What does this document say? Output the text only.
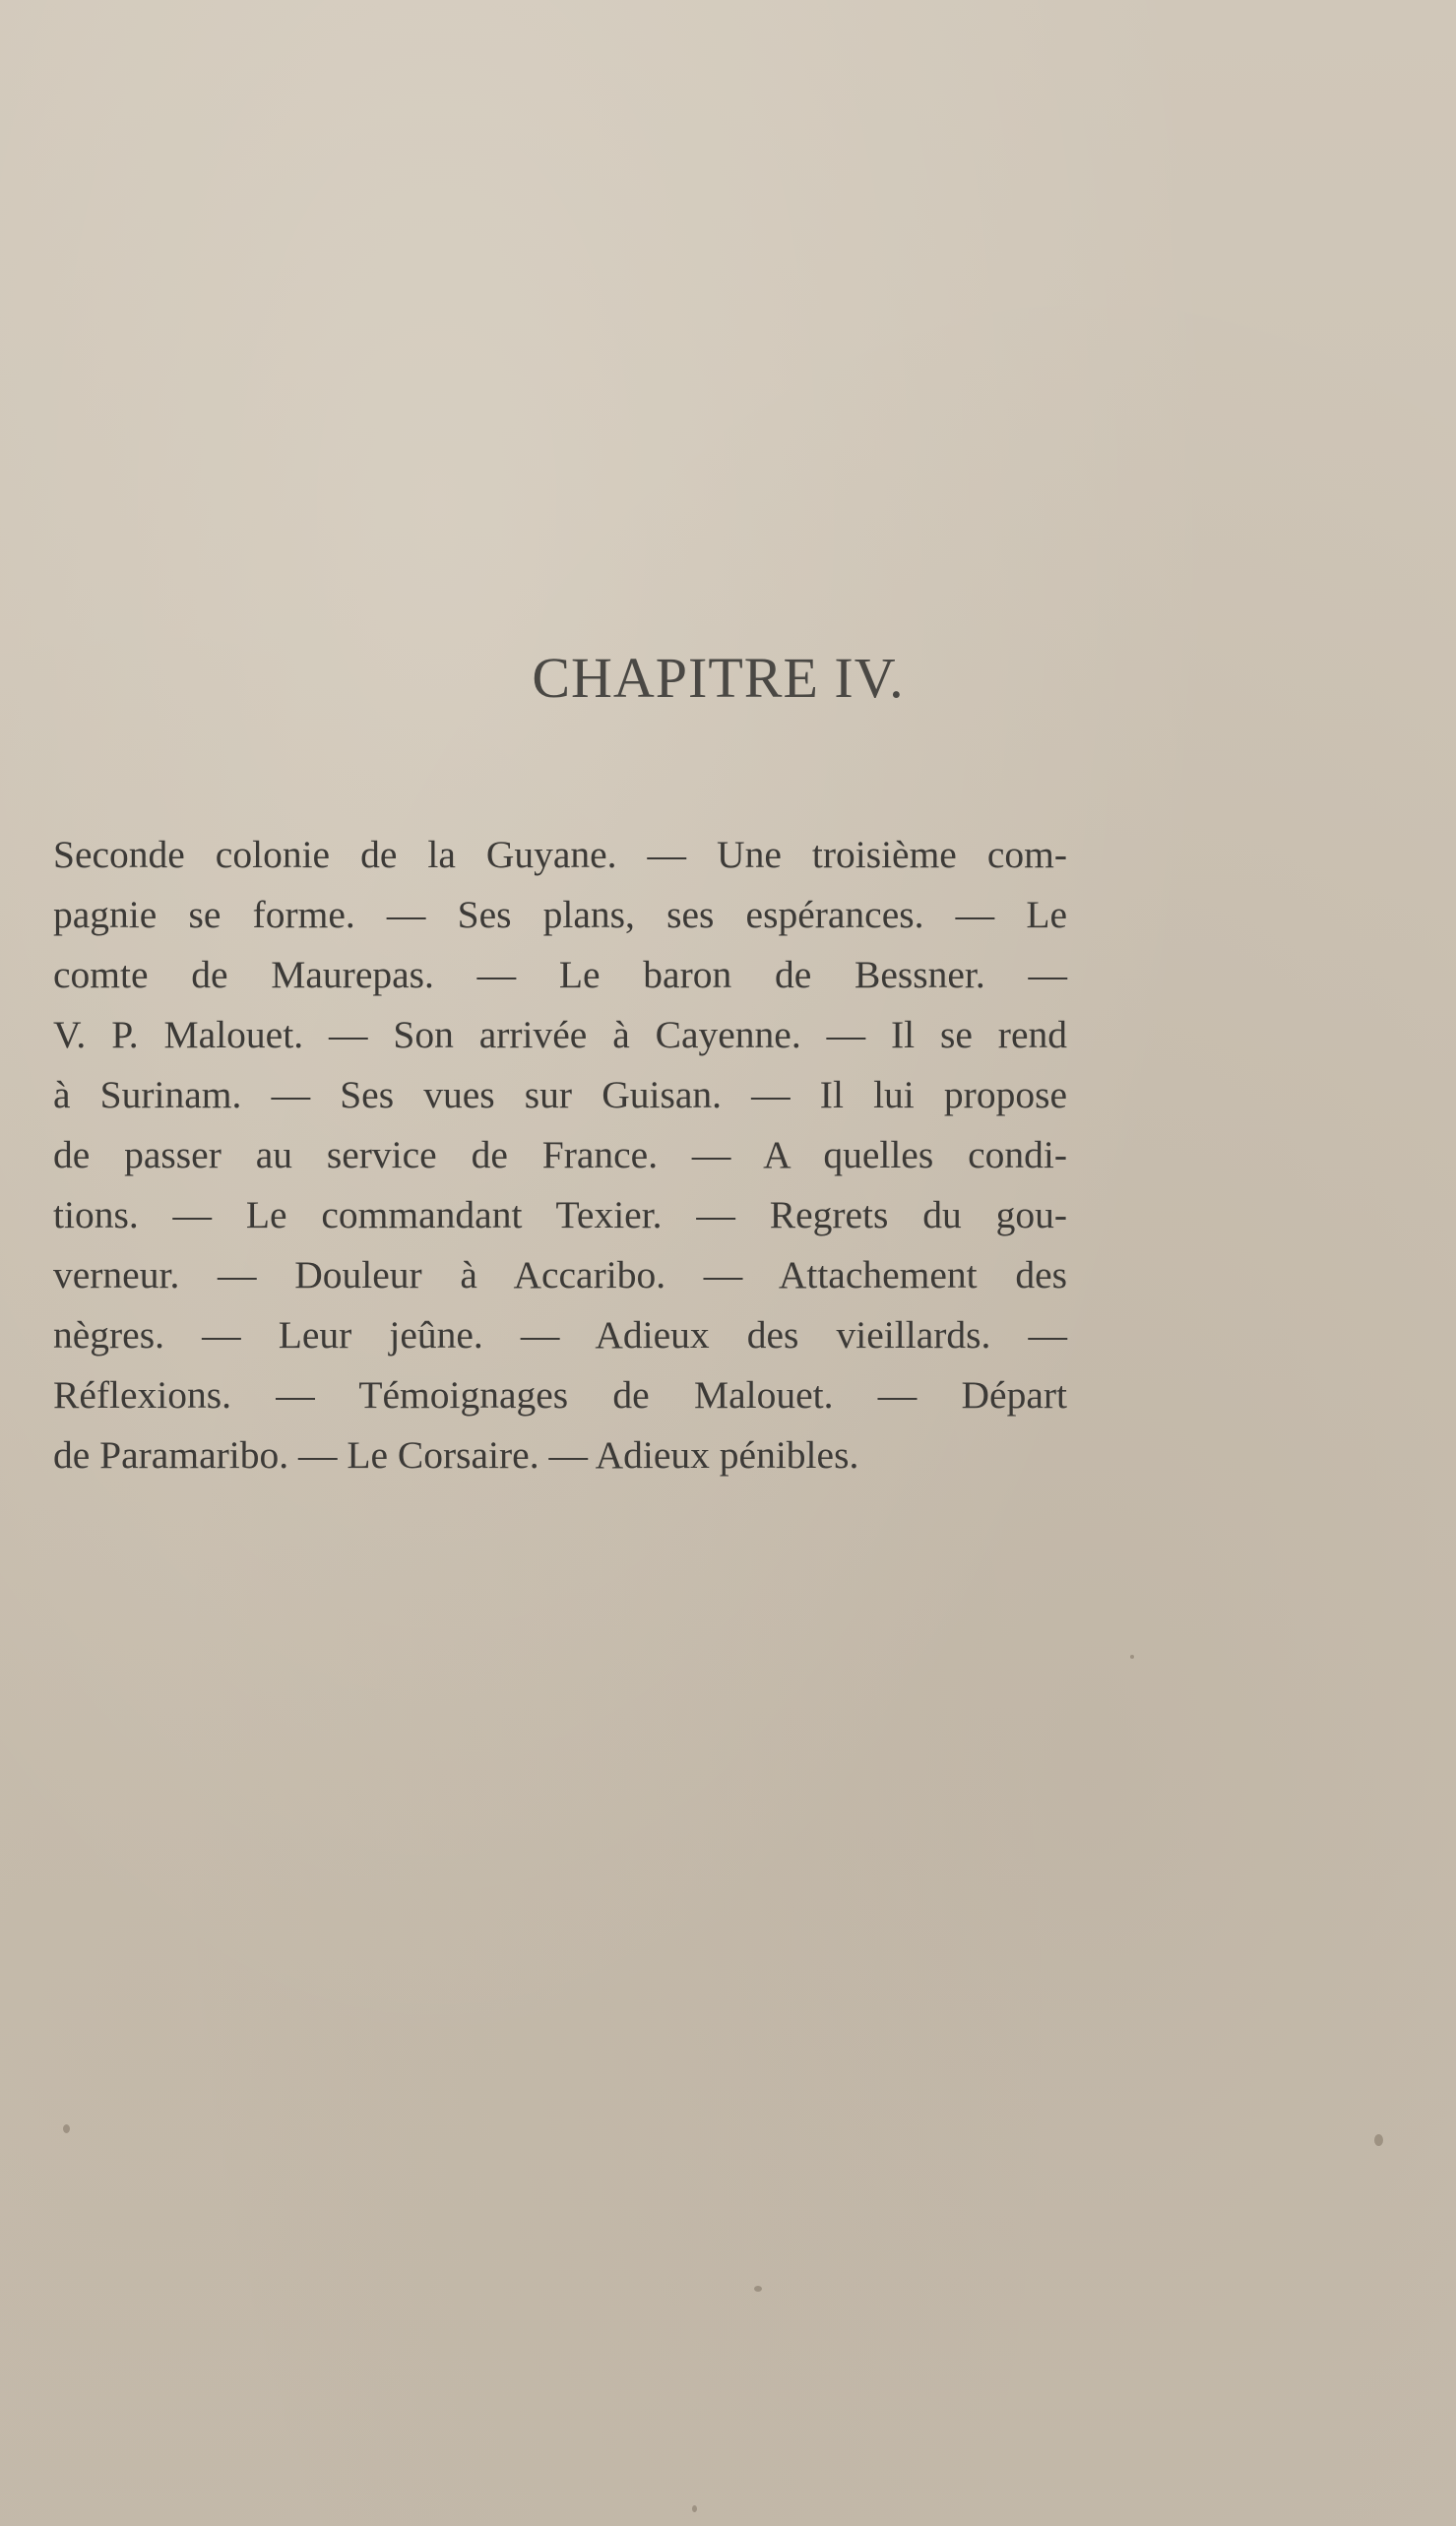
CHAPITRE IV.
Seconde colonie de la Guyane. — Une troisième com-
pagnie se forme. — Ses plans, ses espérances. — Le
comte de Maurepas. — Le baron de Bessner. —
V. P. Malouet. — Son arrivée à Cayenne. — Il se rend
à Surinam. — Ses vues sur Guisan. — Il lui propose
de passer au service de France. — A quelles condi-
tions. — Le commandant Texier. — Regrets du gou-
verneur. — Douleur à Accaribo. — Attachement des
nègres. — Leur jeûne. — Adieux des vieillards. —
Réflexions. — Témoignages de Malouet. — Départ
de Paramaribo. — Le Corsaire. — Adieux pénibles.
